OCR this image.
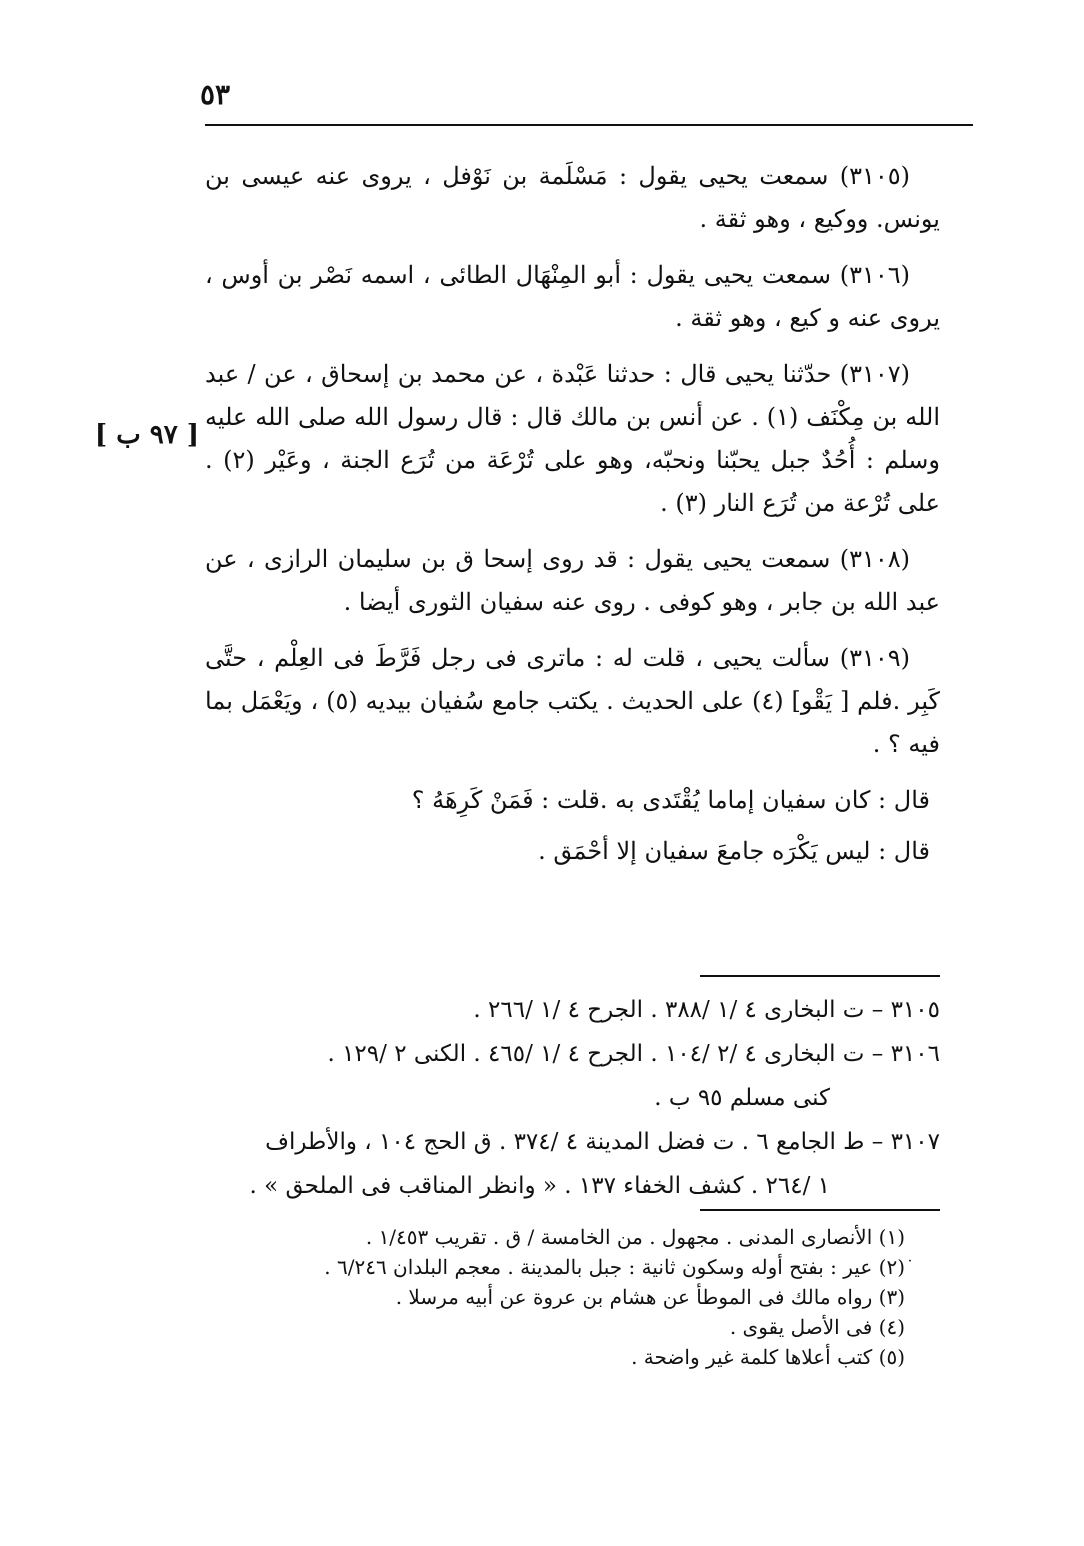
٥٣
[ ٩٧ ب ]

(٣١٠٥) سمعت يحيى يقول : مَسْلَمة بن نَوْفل ، يروى عنه عيسى بن يونس. ووكيع ، وهو ثقة .

(٣١٠٦) سمعت يحيى يقول : أبو المِنْهَال الطائى ، اسمه نَصْر بن أوس ، يروى عنه و كيع ، وهو ثقة .

(٣١٠٧) حدّثنا يحيى قال : حدثنا عَبْدة ، عن محمد بن إسحاق ، عن / عبد الله بن مِكْنَف (١) . عن أنس بن مالك قال : قال رسول الله صلى الله عليه وسلم : أُحُدٌ جبل يحبّنا ونحبّه، وهو على تُرْعَة من تُرَع الجنة ، وعَيْر (٢) . على تُرْعة من تُرَع النار (٣) .

(٣١٠٨) سمعت يحيى يقول : قد روى إسحا ق بن سليمان الرازى ، عن عبد الله بن جابر ، وهو كوفى . روى عنه سفيان الثورى أيضا .

(٣١٠٩) سألت يحيى ، قلت له : ماترى فى رجل فَرَّطَ فى العِلْم ، حتَّى كَبِر .فلم [ يَقْو] (٤) على الحديث . يكتب جامع سُفيان بيديه (٥) ، ويَعْمَل بما فيه ؟ .

قال : كان سفيان إماما يُقْتَدى به .قلت : فَمَنْ كَرِهَهُ ؟

قال : ليس يَكْرَه جامعَ سفيان إلا أحْمَق .

٣١٠٥ – ت البخارى ٤ /١ /٣٨٨ . الجرح ٤ /١ /٢٦٦ .

٣١٠٦ – ت البخارى ٤ /٢ /١٠٤ . الجرح ٤ /١ /٤٦٥ . الكنى ٢ /١٢٩ .

كنى مسلم ٩٥ ب .

٣١٠٧ – ط الجامع ٦ . ت فضل المدينة ٤ /٣٧٤ . ق الحج ١٠٤ ، والأطراف

١ /٢٦٤ . كشف الخفاء ١٣٧ . « وانظر المناقب فى الملحق » .

˙

(١) الأنصارى المدنى . مجهول . من الخامسة / ق . تقريب ١/٤٥٣ .

(٢) عير : بفتح أوله وسكون ثانية : جبل بالمدينة . معجم البلدان ٦/٢٤٦ .

(٣) رواه مالك فى الموطأ عن هشام بن عروة عن أبيه مرسلا .

(٤) فى الأصل يقوى .

(٥) كتب أعلاها كلمة غير واضحة .
